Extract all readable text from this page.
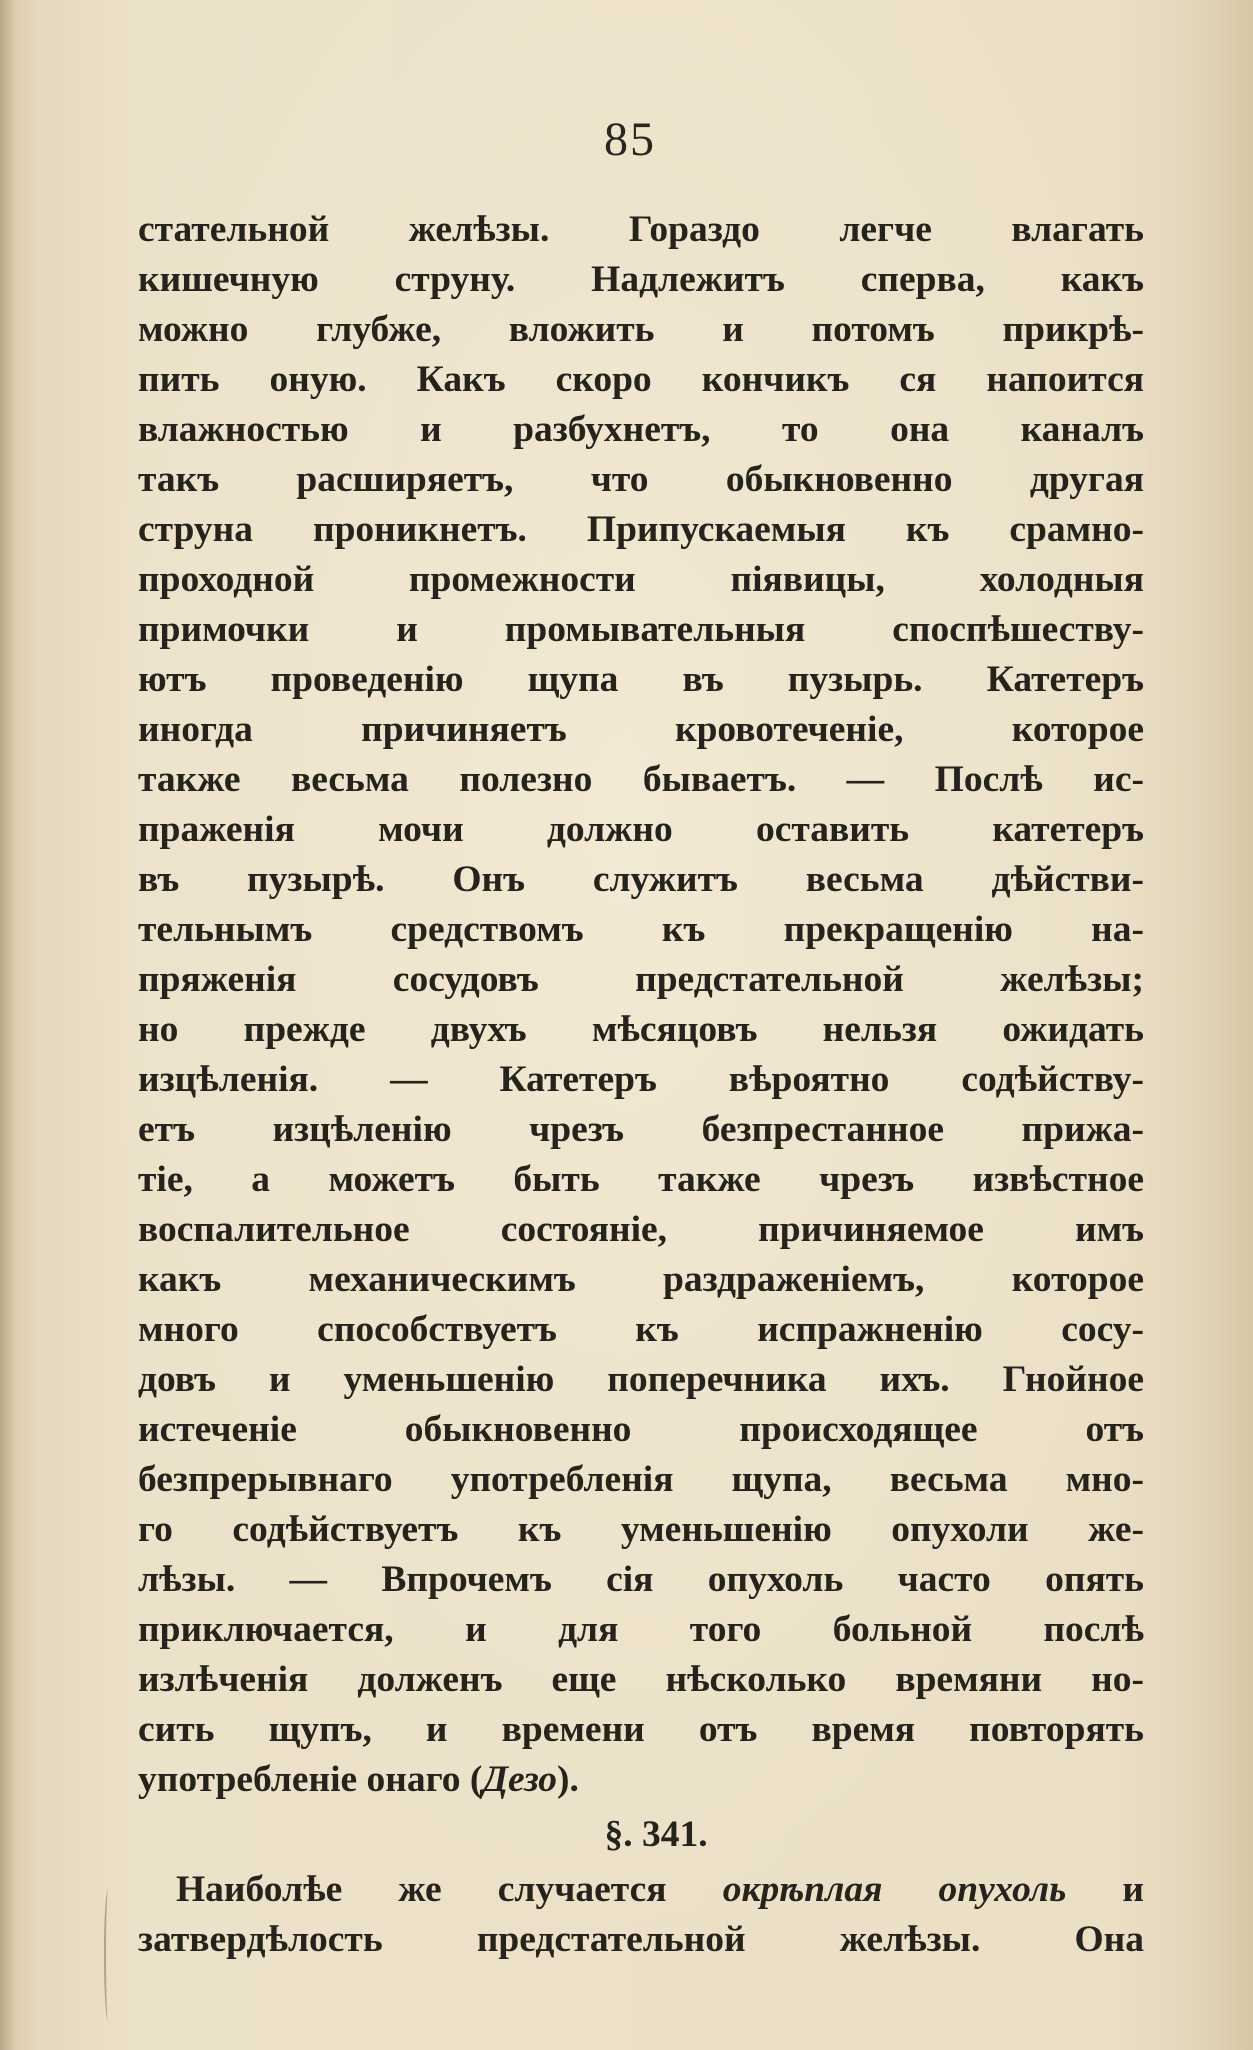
85
стательной желѣзы. Гораздо легче влагать
кишечную струну. Надлежитъ сперва, какъ
можно глубже, вложить и потомъ прикрѣ-
пить оную. Какъ скоро кончикъ ся напоится
влажностью и разбухнетъ, то она каналъ
такъ расширяетъ, что обыкновенно другая
струна проникнетъ. Припускаемыя къ срамно-
проходной промежности піявицы, холодныя
примочки и промывательныя споспѣшеству-
ютъ проведенію щупа въ пузырь. Катетеръ
иногда причиняетъ кровотеченіе, которое
также весьма полезно бываетъ. — Послѣ ис-
праженія мочи должно оставить катетеръ
въ пузырѣ. Онъ служитъ весьма дѣйстви-
тельнымъ средствомъ къ прекращенію на-
пряженія сосудовъ предстательной желѣзы;
но прежде двухъ мѣсяцовъ нельзя ожидать
изцѣленія. — Катетеръ вѣроятно содѣйству-
етъ изцѣленію чрезъ безпрестанное прижа-
тіе, а можетъ быть также чрезъ извѣстное
воспалительное состояніе, причиняемое имъ
какъ механическимъ раздраженіемъ, которое
много способствуетъ къ испражненію сосу-
довъ и уменьшенію поперечника ихъ. Гнойное
истеченіе обыкновенно происходящее отъ
безпрерывнаго употребленія щупа, весьма мно-
го содѣйствуетъ къ уменьшенію опухоли же-
лѣзы. — Впрочемъ сія опухоль часто опять
приключается, и для того больной послѣ
излѣченія долженъ еще нѣсколько времяни но-
сить щупъ, и времени отъ время повторять
употребленіе онаго (Дезо).
§. 341.
Наиболѣе же случается окрѣплая опухоль и
затвердѣлость предстательной желѣзы. Она
